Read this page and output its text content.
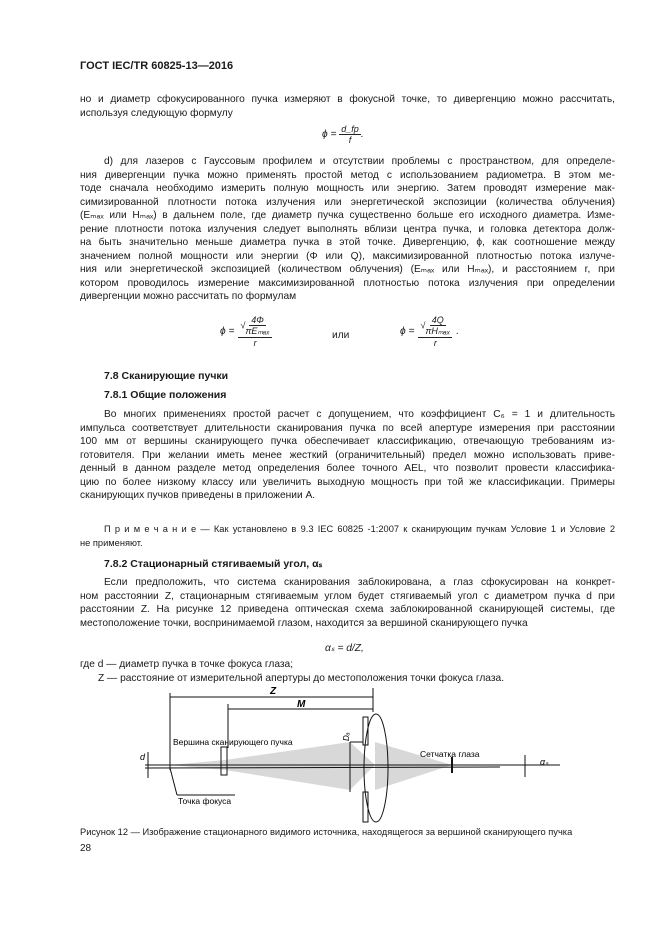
ГОСТ IEC/TR 60825-13—2016
но и диаметр сфокусированного пучка измеряют в фокусной точке, то дивергенцию можно рассчитать,
используя следующую формулу
$\phi = \frac{d\_fp}{f}$ .
d) для лазеров с Гауссовым профилем и отсутствии проблемы с пространством, для определе-
ния дивергенции пучка можно применять простой метод с использованием радиометра. В этом ме-
тоде сначала необходимо измерить полную мощность или энергию. Затем проводят измерение мак-
симизированной плотности потока излучения или энергетической экспозиции (количества облучения)
(Eₘₐₓ или Hₘₐₓ) в дальнем поле, где диаметр пучка существенно больше его исходного диаметра. Изме-
рение плотности потока излучения следует выполнять вблизи центра пучка, и головка детектора долж-
на быть значительно меньше диаметра пучка в этой точке. Дивергенцию, ϕ, как соотношение между
значением полной мощности или энергии (Φ или Q), максимизированной плотностью потока излуче-
ния или энергетической экспозицией (количеством облучения) (Eₘₐₓ или Hₘₐₓ), и расстоянием r, при
котором проводилось измерение максимизированной плотностью потока излучения при определении
дивергенции можно рассчитать по формулам
$\phi = \frac{√ \frac{4\Phi}{\text{πEₘₐₓ}}}{r}$	или	$\phi = \frac{√ \frac{4Q}{\text{πHₘₐₓ}}}{r}$ .
7.8 Сканирующие пучки
7.8.1 Общие положения
Во многих применениях простой расчет с допущением, что коэффициент C₆ = 1 и длительность
импульса соответствует длительности сканирования пучка по всей апертуре измерения при расстоянии
100 мм от вершины сканирующего пучка обеспечивает классификацию, отвечающую требованиям из-
готовителя. При желании иметь менее жесткий (ограничительный) предел можно использовать приве-
денный в данном разделе метод определения более точного AEL, что позволит провести классифика-
цию по более низкому классу или увеличить выходную мощность при той же классификации. Примеры
сканирующих пучков приведены в приложении А.
П р и м е ч а н и е — Как установлено в 9.3 IEC 60825 -1:2007 к сканирующим пучкам Условие 1 и Условие 2
не применяют.
7.8.2 Стационарный стягиваемый угол, αₛ
Если предположить, что система сканирования заблокирована, а глаз сфокусирован на конкрет-
ном расстоянии Z, стационарным стягиваемым углом будет стягиваемый угол с диаметром пучка d при
расстоянии Z. На рисунке 12 приведена оптическая схема заблокированной сканирующей системы, где
местоположение точки, воспринимаемой глазом, находится за вершиной сканирующего пучка
αₛ = d/Z,
где d — диаметр пучка в точке фокуса глаза;
Z — расстояние от измерительной апертуры до местоположения точки фокуса глаза.
Z
M
d
Dₐ
αₛ
Вершина сканирующего пучка
Сетчатка глаза
Точка фокуса
Рисунок 12 — Изображение стационарного видимого источника, находящегося за вершиной сканирующего пучка
28
